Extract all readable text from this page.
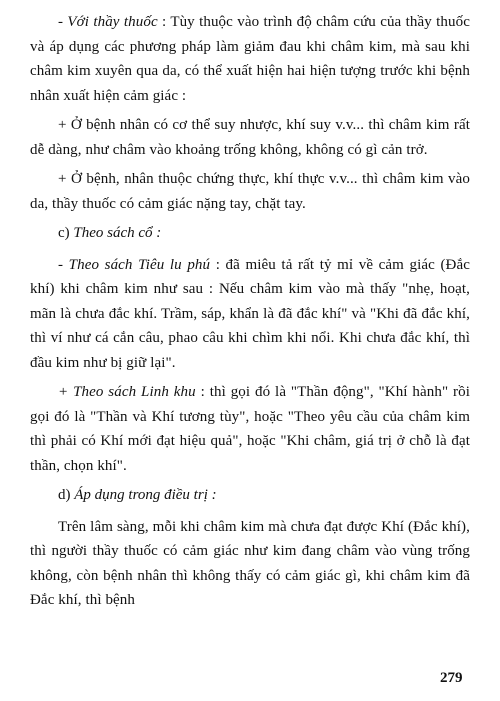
- Với thầy thuốc : Tùy thuộc vào trình độ châm cứu của thầy thuốc và áp dụng các phương pháp làm giảm đau khi châm kim, mà sau khi châm kim xuyên qua da, có thể xuất hiện hai hiện tượng trước khi bệnh nhân xuất hiện cảm giác :

+ Ở bệnh nhân có cơ thể suy nhược, khí suy v.v... thì châm kim rất dễ dàng, như châm vào khoảng trống không, không có gì cản trở.

+ Ở bệnh, nhân thuộc chứng thực, khí thực v.v... thì châm kim vào da, thầy thuốc có cảm giác nặng tay, chặt tay.

c) Theo sách cổ :

- Theo sách Tiêu lu phú : đã miêu tả rất tỷ mỉ về cảm giác (Đắc khí) khi châm kim như sau : Nếu châm kim vào mà thấy "nhẹ, hoạt, mãn là chưa đắc khí. Trầm, sáp, khẩn là đã đắc khí" và "Khi đã đắc khí, thì ví như cá cắn câu, phao câu khi chìm khi nổi. Khi chưa đắc khí, thì đầu kim như bị giữ lại".

+ Theo sách Linh khu : thì gọi đó là "Thần động", "Khí hành" rồi gọi đó là "Thần và Khí tương tùy", hoặc "Theo yêu cầu của châm kim thì phải có Khí mới đạt hiệu quả", hoặc "Khi châm, giá trị ở chỗ là đạt thần, chọn khí".

d) Áp dụng trong điều trị :

Trên lâm sàng, mỗi khi châm kim mà chưa đạt được Khí (Đắc khí), thì người thầy thuốc có cảm giác như kim đang châm vào vùng trống không, còn bệnh nhân thì không thấy có cảm giác gì, khi châm kim đã Đắc khí, thì bệnh

279
